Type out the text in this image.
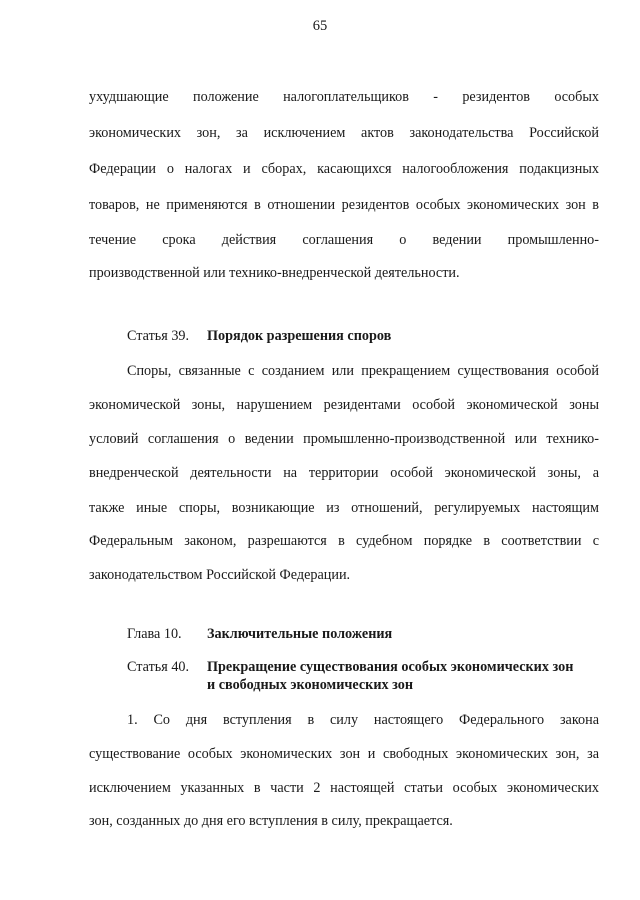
65
ухудшающие положение налогоплательщиков - резидентов особых
экономических зон, за исключением актов законодательства Российской
Федерации о налогах и сборах, касающихся налогообложения подакцизных
товаров, не применяются в отношении резидентов особых экономических зон в
течение срока действия соглашения о ведении промышленно-
производственной или технико-внедренческой деятельности.
Статья 39. Порядок разрешения споров
Споры, связанные с созданием или прекращением существования особой
экономической зоны, нарушением резидентами особой экономической зоны
условий соглашения о ведении промышленно-производственной или технико-
внедренческой деятельности на территории особой экономической зоны, а
также иные споры, возникающие из отношений, регулируемых настоящим
Федеральным законом, разрешаются в судебном порядке в соответствии с
законодательством Российской Федерации.
Глава 10. Заключительные положения
Статья 40. Прекращение существования особых экономических зон
и свободных экономических зон
1. Со дня вступления в силу настоящего Федерального закона
существование особых экономических зон и свободных экономических зон, за
исключением указанных в части 2 настоящей статьи особых экономических
зон, созданных до дня его вступления в силу, прекращается.
